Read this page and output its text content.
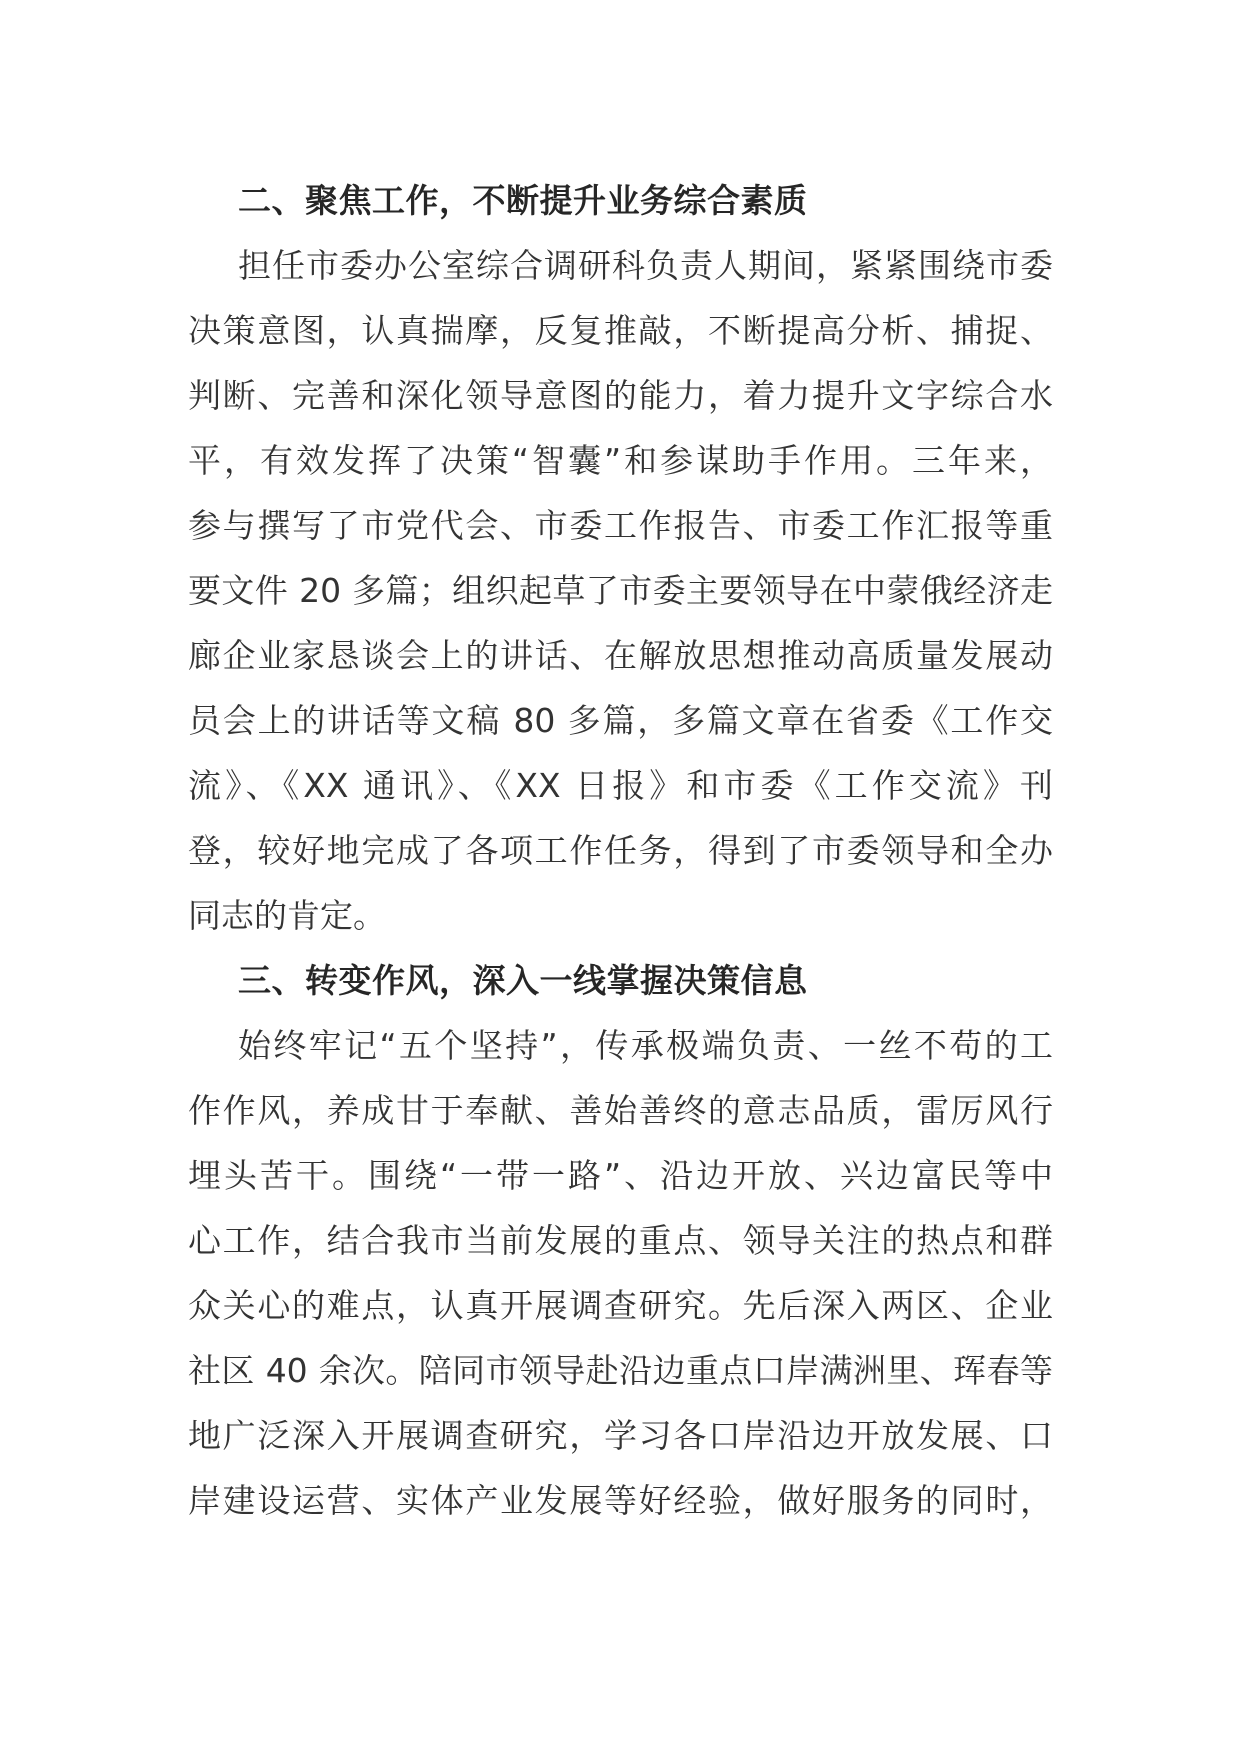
二、聚焦工作，不断提升业务综合素质
担任市委办公室综合调研科负责人期间，紧紧围绕市委
决策意图，认真揣摩，反复推敲，不断提高分析、捕捉、
判断、完善和深化领导意图的能力，着力提升文字综合水
平，有效发挥了决策“智囊”和参谋助手作用。三年来，
参与撰写了市党代会、市委工作报告、市委工作汇报等重
要文件 20 多篇；组织起草了市委主要领导在中蒙俄经济走
廊企业家恳谈会上的讲话、在解放思想推动高质量发展动
员会上的讲话等文稿 80 多篇，多篇文章在省委《工作交
流》、《XX 通讯》、《XX 日报》和市委《工作交流》刊
登，较好地完成了各项工作任务，得到了市委领导和全办
同志的肯定。
三、转变作风，深入一线掌握决策信息
始终牢记“五个坚持”，传承极端负责、一丝不苟的工
作作风，养成甘于奉献、善始善终的意志品质，雷厉风行
埋头苦干。围绕“一带一路”、沿边开放、兴边富民等中
心工作，结合我市当前发展的重点、领导关注的热点和群
众关心的难点，认真开展调查研究。先后深入两区、企业
社区 40 余次。陪同市领导赴沿边重点口岸满洲里、珲春等
地广泛深入开展调查研究，学习各口岸沿边开放发展、口
岸建设运营、实体产业发展等好经验，做好服务的同时，
